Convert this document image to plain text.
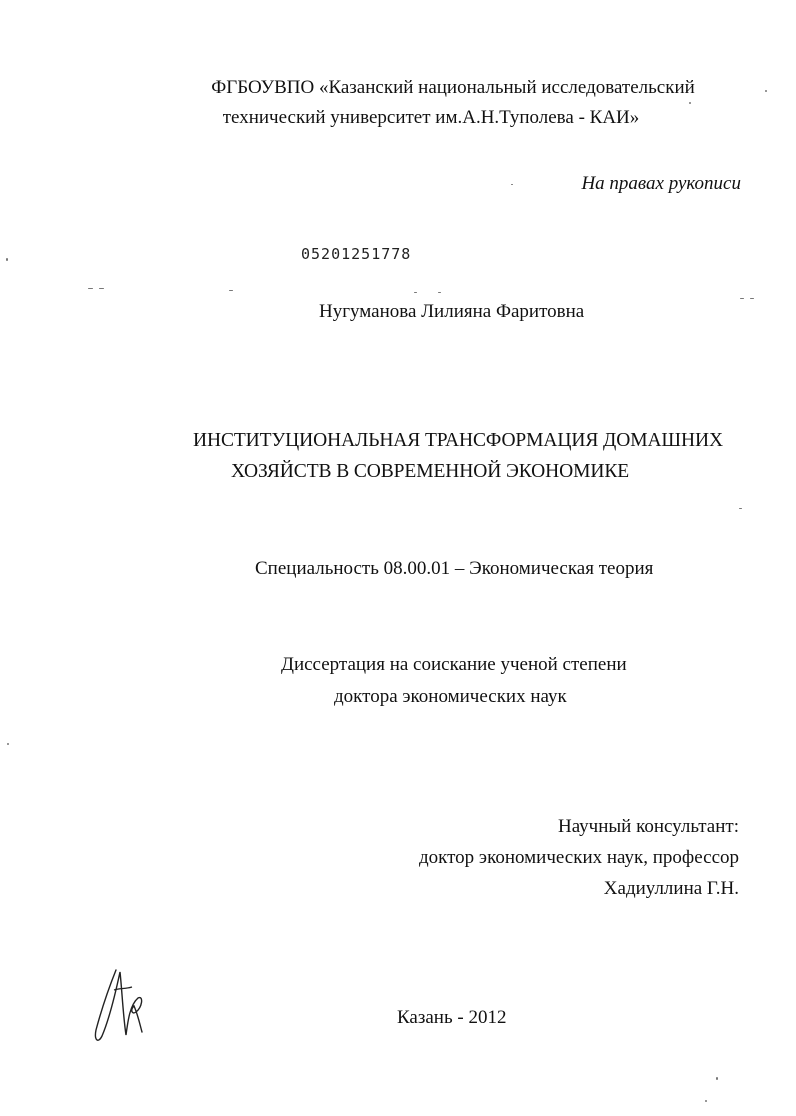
ФГБОУВПО «Казанский национальный исследовательский
технический университет им.А.Н.Туполева - КАИ»
На правах рукописи
05201251778
Нугуманова Лилияна Фаритовна
ИНСТИТУЦИОНАЛЬНАЯ ТРАНСФОРМАЦИЯ ДОМАШНИХ
ХОЗЯЙСТВ В СОВРЕМЕННОЙ ЭКОНОМИКЕ
Специальность 08.00.01 – Экономическая теория
Диссертация на соискание ученой степени
доктора экономических наук
Научный консультант:
доктор экономических наук, профессор
Хадиуллина Г.Н.
Казань - 2012
